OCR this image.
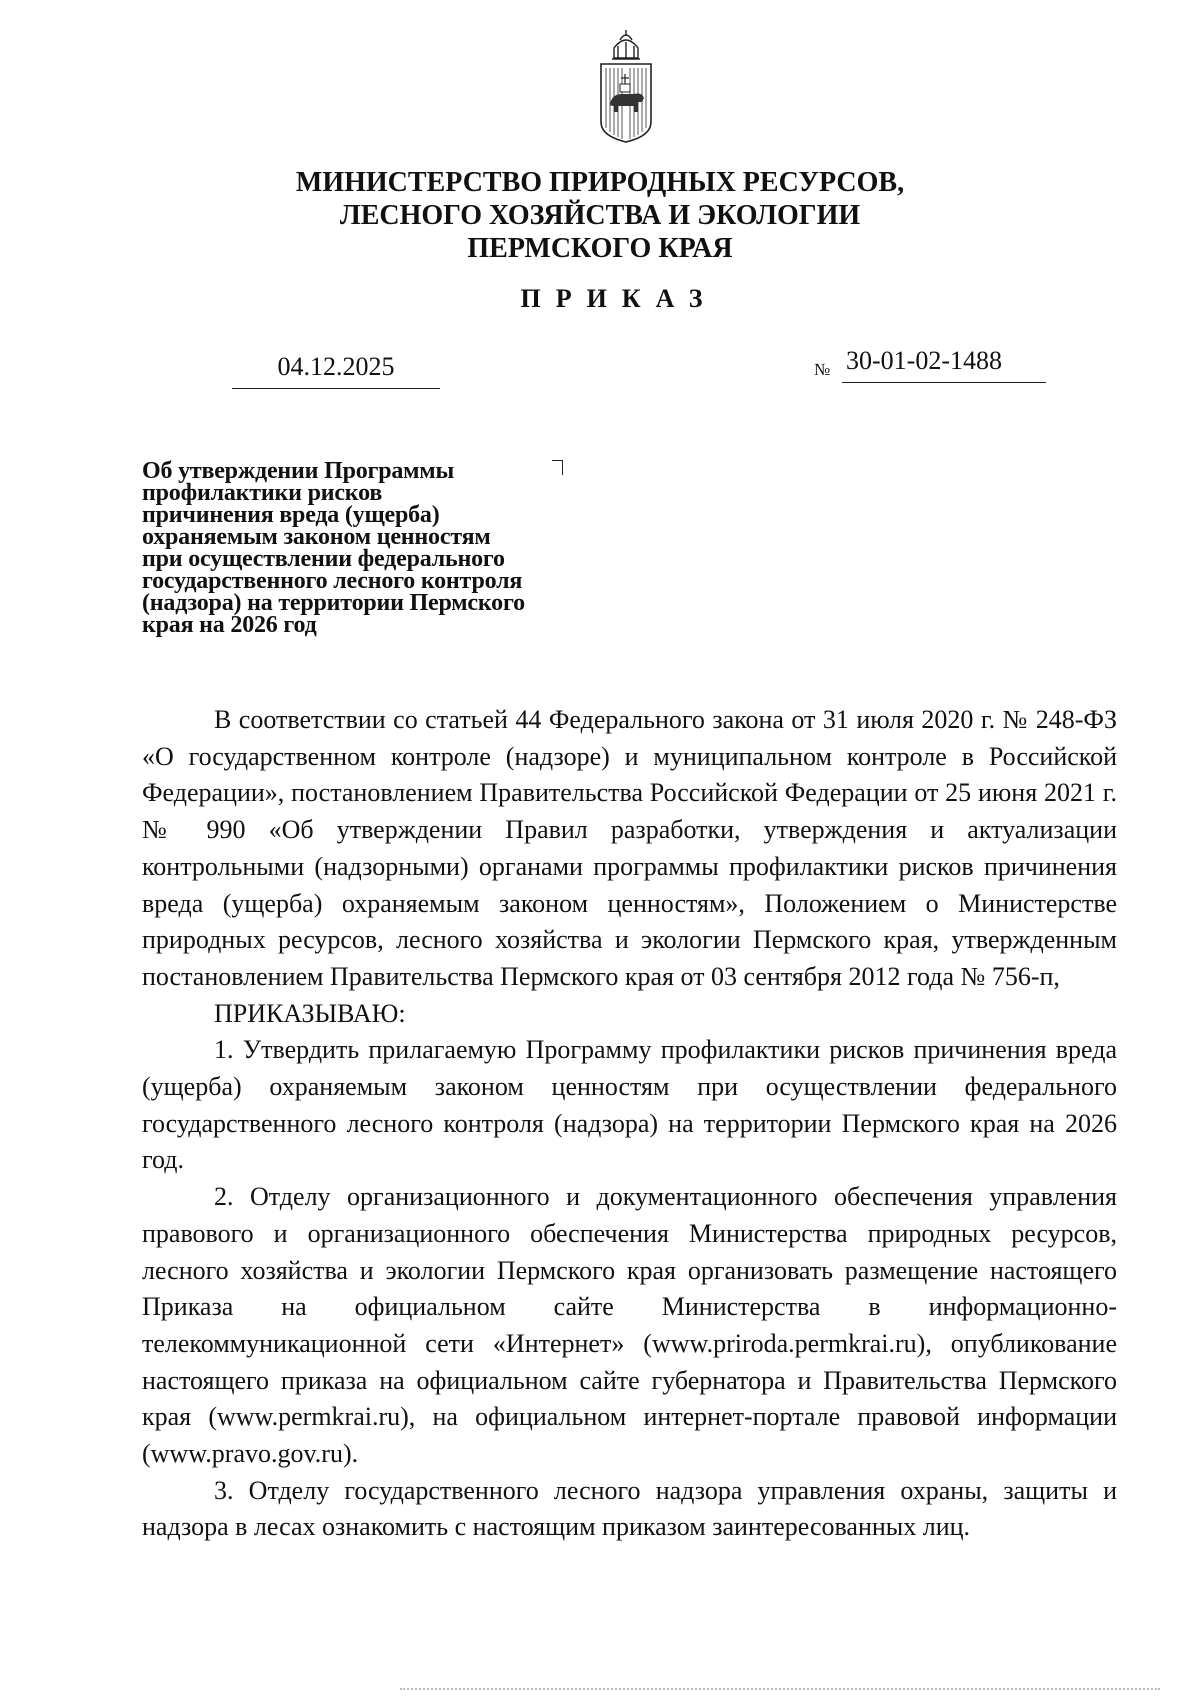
МИНИСТЕРСТВО ПРИРОДНЫХ РЕСУРСОВ,
ЛЕСНОГО ХОЗЯЙСТВА И ЭКОЛОГИИ
ПЕРМСКОГО КРАЯ
ПРИКАЗ
04.12.2025	№ 30-01-02-1488
Об утверждении Программы
профилактики рисков
причинения вреда (ущерба)
охраняемым законом ценностям
при осуществлении федерального
государственного лесного контроля
(надзора) на территории Пермского
края на 2026 год

В соответствии со статьей 44 Федерального закона от 31 июля 2020 г. № 248-ФЗ «О государственном контроле (надзоре) и муниципальном контроле в Российской Федерации», постановлением Правительства Российской Федерации от 25 июня 2021 г. № 990 «Об утверждении Правил разработки, утверждения и актуализации контрольными (надзорными) органами программы профилактики рисков причинения вреда (ущерба) охраняемым законом ценностям», Положением о Министерстве природных ресурсов, лесного хозяйства и экологии Пермского края, утвержденным постановлением Правительства Пермского края от 03 сентября 2012 года № 756-п,

ПРИКАЗЫВАЮ:

1. Утвердить прилагаемую Программу профилактики рисков причинения вреда (ущерба) охраняемым законом ценностям при осуществлении федерального государственного лесного контроля (надзора) на территории Пермского края на 2026 год.

2. Отделу организационного и документационного обеспечения управления правового и организационного обеспечения Министерства природных ресурсов, лесного хозяйства и экологии Пермского края организовать размещение настоящего Приказа на официальном сайте Министерства в информационно-телекоммуникационной сети «Интернет» (www.priroda.permkrai.ru), опубликование настоящего приказа на официальном сайте губернатора и Правительства Пермского края (www.permkrai.ru), на официальном интернет-портале правовой информации (www.pravo.gov.ru).

3. Отделу государственного лесного надзора управления охраны, защиты и надзора в лесах ознакомить с настоящим приказом заинтересованных лиц.
